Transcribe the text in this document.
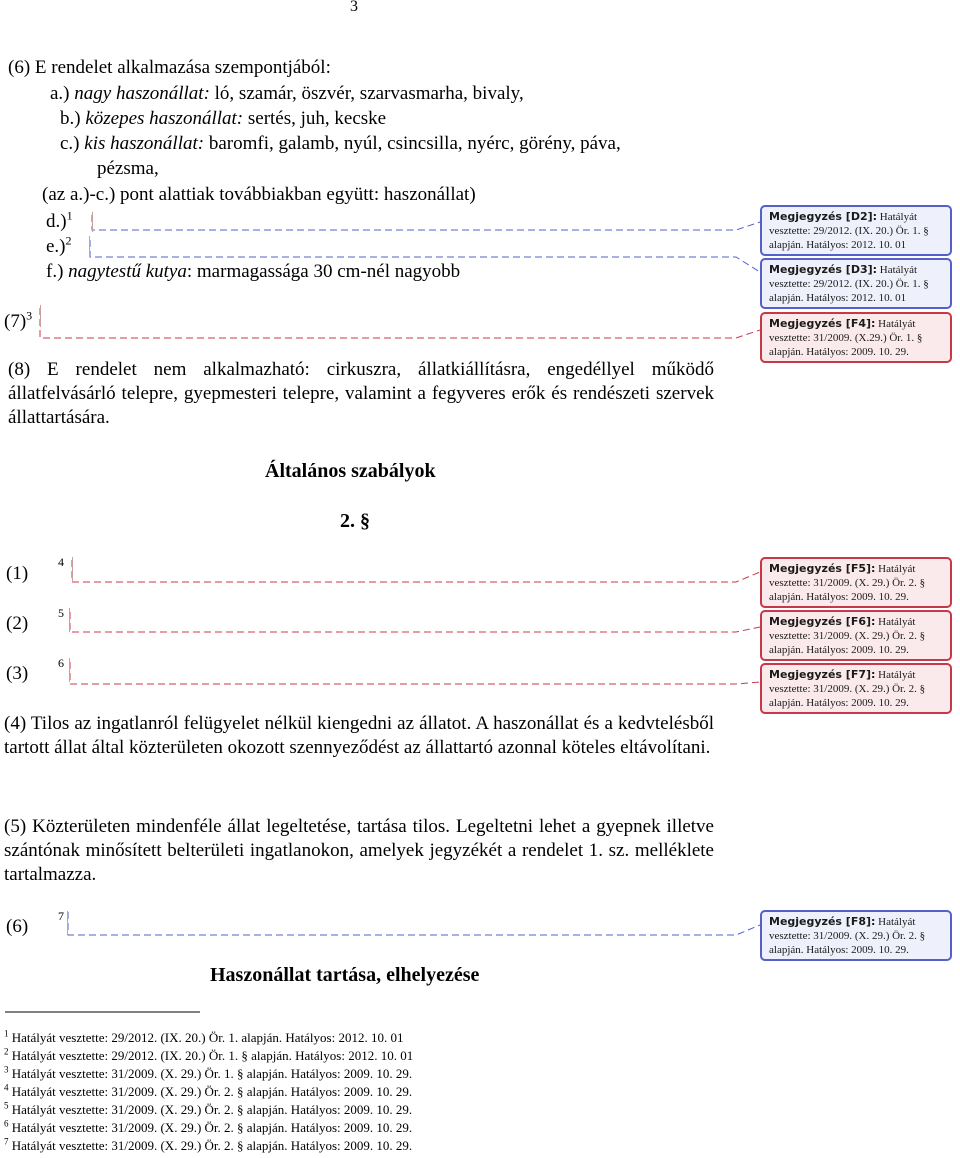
3
(6) E rendelet alkalmazása szempontjából:
a.) nagy haszonállat: ló, szamár, öszvér, szarvasmarha, bivaly,
b.) közepes haszonállat: sertés, juh, kecske
c.) kis haszonállat: baromfi, galamb, nyúl, csincsilla, nyérc, görény, páva,
pézsma,
(az a.)-c.) pont alattiak továbbiakban együtt: haszonállat)
d.)$^1$
e.)$^2$
f.) nagytestű kutya: marmagassága 30 cm-nél nagyobb
$(7)^3$
(8) E rendelet nem alkalmazható: cirkuszra, állatkiállításra, engedéllyel működő állatfelvásárló telepre, gyepmesteri telepre, valamint a fegyveres erők és rendészeti szervek állattartására.
Általános szabályok
2. §
(1)
4
(2) 5
(3) 6
(4) Tilos az ingatlanról felügyelet nélkül kiengedni az állatot. A haszonállat és a kedvtelésből tartott állat által közterületen okozott szennyeződést az állattartó azonnal köteles eltávolítani.
(5) Közterületen mindenféle állat legeltetése, tartása tilos. Legeltetni lehet a gyepnek illetve szántónak minősített belterületi ingatlanokon, amelyek jegyzékét a rendelet 1. sz. melléklete tartalmazza.
(6) 7
Haszonállat tartása, elhelyezése
Megjegyzés [D2]: Hatályát vesztette: 29/2012. (IX. 20.) Ör. 1. § alapján. Hatályos: 2012. 10. 01
Megjegyzés [D3]: Hatályát vesztette: 29/2012. (IX. 20.) Ör. 1. § alapján. Hatályos: 2012. 10. 01
Megjegyzés [F4]: Hatályát vesztette: 31/2009. (X.29.) Ör. 1. § alapján. Hatályos: 2009. 10. 29.
Megjegyzés [F5]: Hatályát vesztette: 31/2009. (X. 29.) Ör. 2. § alapján. Hatályos: 2009. 10. 29.
Megjegyzés [F6]: Hatályát vesztette: 31/2009. (X. 29.) Ör. 2. § alapján. Hatályos: 2009. 10. 29.
Megjegyzés [F7]: Hatályát vesztette: 31/2009. (X. 29.) Ör. 2. § alapján. Hatályos: 2009. 10. 29.
Megjegyzés [F8]: Hatályát vesztette: 31/2009. (X. 29.) Ör. 2. § alapján. Hatályos: 2009. 10. 29.
$^1$ Hatályát vesztette: 29/2012. (IX. 20.) Ör. 1. alapján. Hatályos: 2012. 10. 01
$^2$ Hatályát vesztette: 29/2012. (IX. 20.) Ör. 1. § alapján. Hatályos: 2012. 10. 01
$^3$ Hatályát vesztette: 31/2009. (X. 29.) Ör. 1. § alapján. Hatályos: 2009. 10. 29.
$^4$ Hatályát vesztette: 31/2009. (X. 29.) Ör. 2. § alapján. Hatályos: 2009. 10. 29.
$^5$ Hatályát vesztette: 31/2009. (X. 29.) Ör. 2. § alapján. Hatályos: 2009. 10. 29.
$^6$ Hatályát vesztette: 31/2009. (X. 29.) Ör. 2. § alapján. Hatályos: 2009. 10. 29.
$^7$ Hatályát vesztette: 31/2009. (X. 29.) Ör. 2. § alapján. Hatályos: 2009. 10. 29.
